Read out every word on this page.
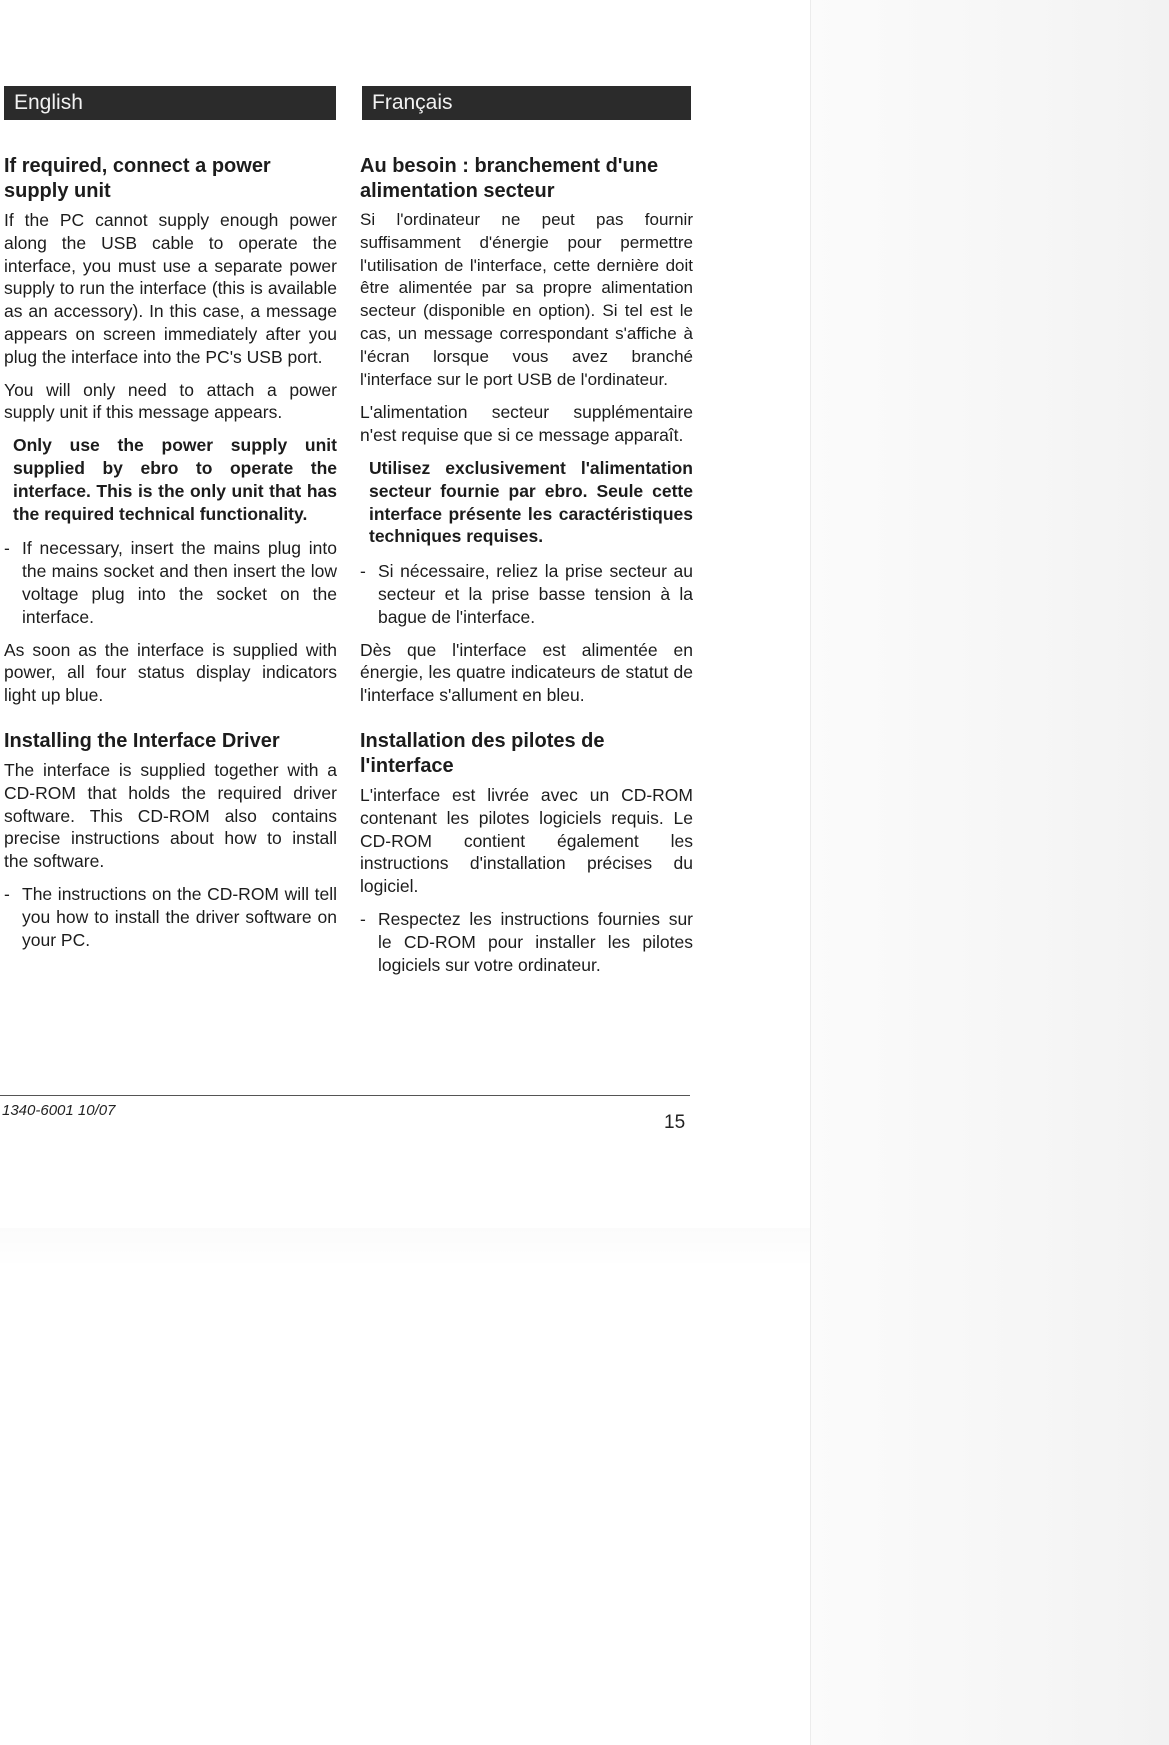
English	Français
If required, connect a power supply unit

If the PC cannot supply enough power along the USB cable to operate the interface, you must use a separate power supply to run the interface (this is available as an accessory). In this case, a message appears on screen immediately after you plug the interface into the PC's USB port.

You will only need to attach a power supply unit if this message appears.

Only use the power supply unit supplied by ebro to operate the interface. This is the only unit that has the required technical functionality.
- If necessary, insert the mains plug into the mains socket and then insert the low voltage plug into the socket on the interface.

As soon as the interface is supplied with power, all four status display indicators light up blue.

Installing the Interface Driver

The interface is supplied together with a CD-ROM that holds the required driver software. This CD-ROM also contains precise instructions about how to install the software.

- The instructions on the CD-ROM will tell you how to install the driver software on your PC.
Au besoin : branchement d'une alimentation secteur

Si l'ordinateur ne peut pas fournir suffisamment d'énergie pour permettre l'utilisation de l'interface, cette dernière doit être alimentée par sa propre alimentation secteur (disponible en option). Si tel est le cas, un message correspondant s'affiche à l'écran lorsque vous avez branché l'interface sur le port USB de l'ordinateur.

L'alimentation secteur supplémentaire n'est requise que si ce message apparaît.

Utilisez exclusivement l'alimentation secteur fournie par ebro. Seule cette interface présente les caractéristiques techniques requises.
- Si nécessaire, reliez la prise secteur au secteur et la prise basse tension à la bague de l'interface.

Dès que l'interface est alimentée en énergie, les quatre indicateurs de statut de l'interface s'allument en bleu.

Installation des pilotes de l'interface

L'interface est livrée avec un CD-ROM contenant les pilotes logiciels requis. Le CD-ROM contient également les instructions d'installation précises du logiciel.

- Respectez les instructions fournies sur le CD-ROM pour installer les pilotes logiciels sur votre ordinateur.
1340-6001 10/07
15
